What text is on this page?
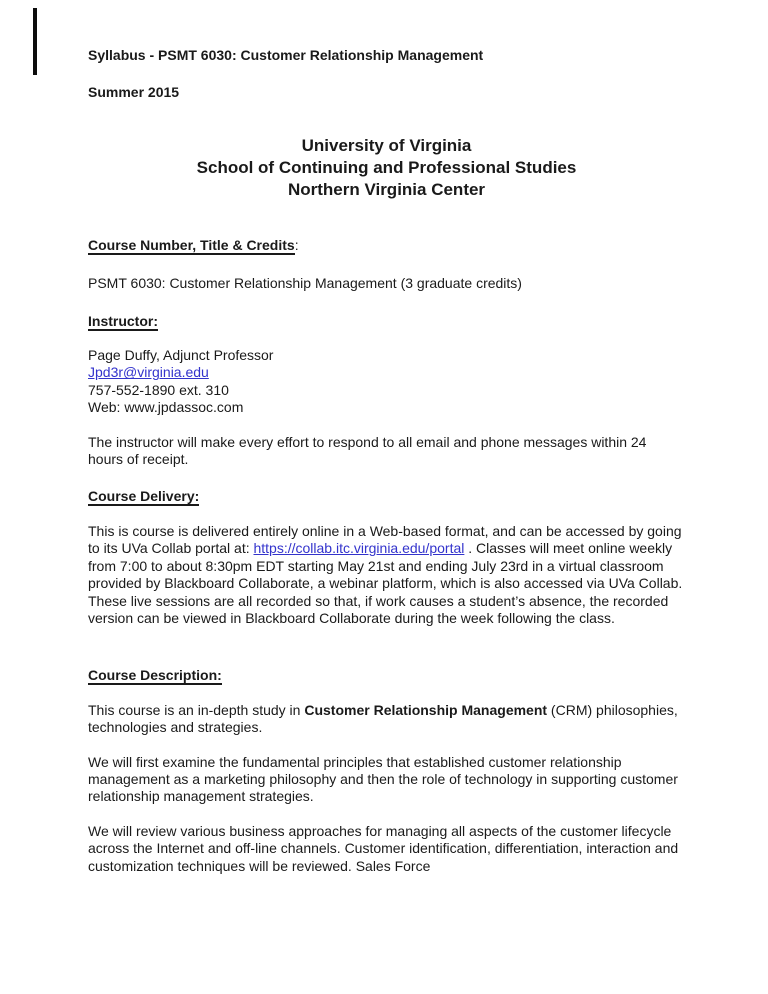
Syllabus - PSMT 6030: Customer Relationship Management
Summer 2015
University of Virginia
School of Continuing and Professional Studies
Northern Virginia Center
Course Number, Title & Credits:
PSMT 6030: Customer Relationship Management (3 graduate credits)
Instructor:
Page Duffy, Adjunct Professor
Jpd3r@virginia.edu
757-552-1890 ext. 310
Web: www.jpdassoc.com
The instructor will make every effort to respond to all email and phone messages within 24 hours of receipt.
Course Delivery:
This is course is delivered entirely online in a Web-based format, and can be accessed by going to its UVa Collab portal at: https://collab.itc.virginia.edu/portal . Classes will meet online weekly from 7:00 to about 8:30pm EDT starting May 21st and ending July 23rd in a virtual classroom provided by Blackboard Collaborate, a webinar platform, which is also accessed via UVa Collab. These live sessions are all recorded so that, if work causes a student’s absence, the recorded version can be viewed in Blackboard Collaborate during the week following the class.
Course Description:
This course is an in-depth study in Customer Relationship Management (CRM) philosophies, technologies and strategies.
We will first examine the fundamental principles that established customer relationship management as a marketing philosophy and then the role of technology in supporting customer relationship management strategies.
We will review various business approaches for managing all aspects of the customer lifecycle across the Internet and off-line channels. Customer identification, differentiation, interaction and customization techniques will be reviewed. Sales Force
